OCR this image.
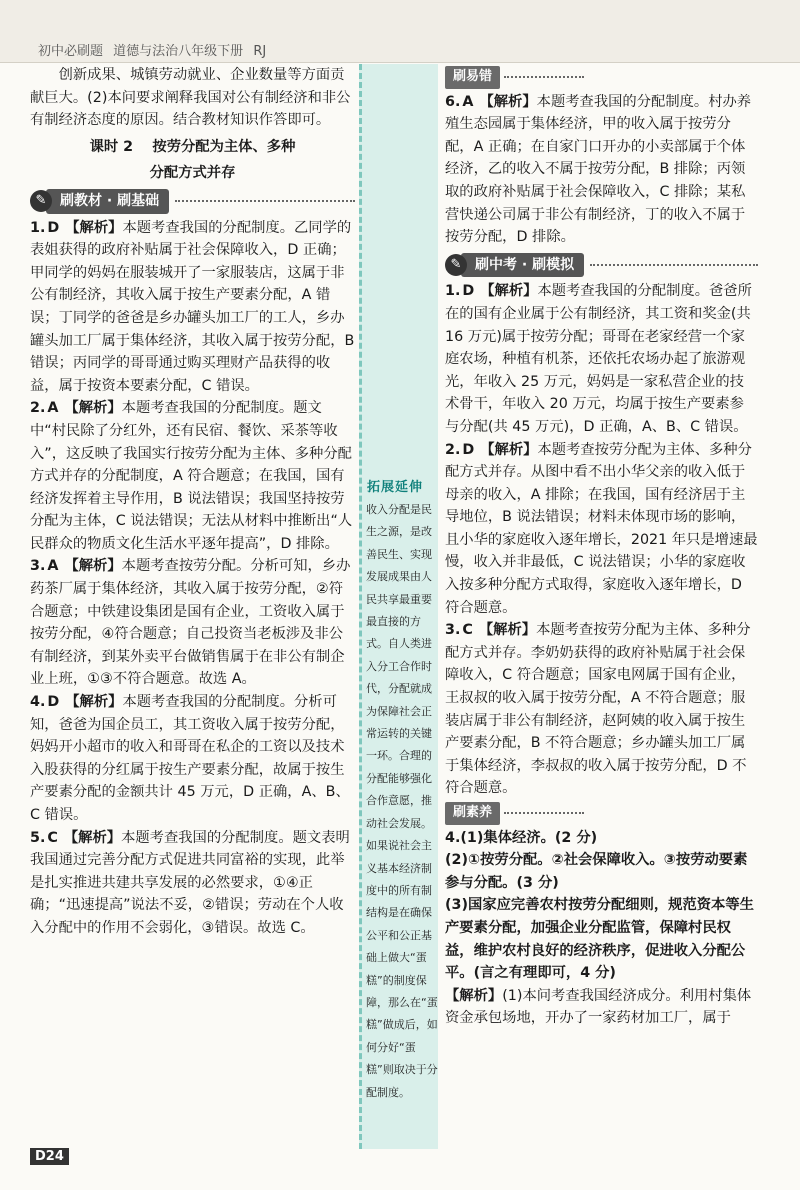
初中必刷题 道德与法治八年级下册 RJ

创新成果、城镇劳动就业、企业数量等方面贡献巨大。(2)本问要求阐释我国对公有制经济和非公有制经济态度的原因。结合教材知识作答即可。

课时 2 　按劳分配为主体、多种

分配方式并存

✎ 刷教材 · 刷基础

1. D 【解析】本题考查我国的分配制度。乙同学的表姐获得的政府补贴属于社会保障收入，D 正确；甲同学的妈妈在服装城开了一家服装店，这属于非公有制经济，其收入属于按生产要素分配，A 错误；丁同学的爸爸是乡办罐头加工厂的工人，乡办罐头加工厂属于集体经济，其收入属于按劳分配，B 错误；丙同学的哥哥通过购买理财产品获得的收益，属于按资本要素分配，C 错误。

2. A 【解析】本题考查我国的分配制度。题文中“村民除了分红外，还有民宿、餐饮、采茶等收入”，这反映了我国实行按劳分配为主体、多种分配方式并存的分配制度，A 符合题意；在我国，国有经济发挥着主导作用，B 说法错误；我国坚持按劳分配为主体，C 说法错误；无法从材料中推断出“人民群众的物质文化生活水平逐年提高”，D 排除。

3. A 【解析】本题考查按劳分配。分析可知，乡办药茶厂属于集体经济，其收入属于按劳分配，②符合题意；中铁建设集团是国有企业，工资收入属于按劳分配，④符合题意；自己投资当老板涉及非公有制经济，到某外卖平台做销售属于在非公有制企业上班，①③不符合题意。故选 A。

4. D 【解析】本题考查我国的分配制度。分析可知，爸爸为国企员工，其工资收入属于按劳分配，妈妈开小超市的收入和哥哥在私企的工资以及技术入股获得的分红属于按生产要素分配，故属于按生产要素分配的金额共计 45 万元，D 正确，A、B、C 错误。

5. C 【解析】本题考查我国的分配制度。题文表明我国通过完善分配方式促进共同富裕的实现，此举是扎实推进共建共享发展的必然要求，①④正确；“迅速提高”说法不妥，②错误；劳动在个人收入分配中的作用不会弱化，③错误。故选 C。

拓展延伸
收入分配是民生之源，是改善民生、实现发展成果由人民共享最重要最直接的方式。自人类进入分工合作时代，分配就成为保障社会正常运转的关键一环。合理的分配能够强化合作意愿，推动社会发展。如果说社会主义基本经济制度中的所有制结构是在确保公平和公正基础上做大“蛋糕”的制度保障，那么在“蛋糕”做成后，如何分好“蛋糕”则取决于分配制度。
刷易错

6. A 【解析】本题考查我国的分配制度。村办养殖生态园属于集体经济，甲的收入属于按劳分配，A 正确；在自家门口开办的小卖部属于个体经济，乙的收入不属于按劳分配，B 排除；丙领取的政府补贴属于社会保障收入，C 排除；某私营快递公司属于非公有制经济，丁的收入不属于按劳分配，D 排除。

✎ 刷中考 · 刷模拟

1. D 【解析】本题考查我国的分配制度。爸爸所在的国有企业属于公有制经济，其工资和奖金(共 16 万元)属于按劳分配；哥哥在老家经营一个家庭农场，种植有机茶，还依托农场办起了旅游观光，年收入 25 万元，妈妈是一家私营企业的技术骨干，年收入 20 万元，均属于按生产要素参与分配(共 45 万元)，D 正确，A、B、C 错误。

2. D 【解析】本题考查按劳分配为主体、多种分配方式并存。从图中看不出小华父亲的收入低于母亲的收入，A 排除；在我国，国有经济居于主导地位，B 说法错误；材料未体现市场的影响，且小华的家庭收入逐年增长，2021 年只是增速最慢，收入并非最低，C 说法错误；小华的家庭收入按多种分配方式取得，家庭收入逐年增长，D 符合题意。

3. C 【解析】本题考查按劳分配为主体、多种分配方式并存。李奶奶获得的政府补贴属于社会保障收入，C 符合题意；国家电网属于国有企业，王叔叔的收入属于按劳分配，A 不符合题意；服装店属于非公有制经济，赵阿姨的收入属于按生产要素分配，B 不符合题意；乡办罐头加工厂属于集体经济，李叔叔的收入属于按劳分配，D 不符合题意。

刷素养

4.(1)集体经济。(2 分)

(2)①按劳分配。②社会保障收入。③按劳动要素参与分配。(3 分)

(3)国家应完善农村按劳分配细则，规范资本等生产要素分配，加强企业分配监管，保障村民权益，维护农村良好的经济秩序，促进收入分配公平。(言之有理即可，4 分)

【解析】(1)本问考查我国经济成分。利用村集体资金承包场地，开办了一家药材加工厂，属于

D24
